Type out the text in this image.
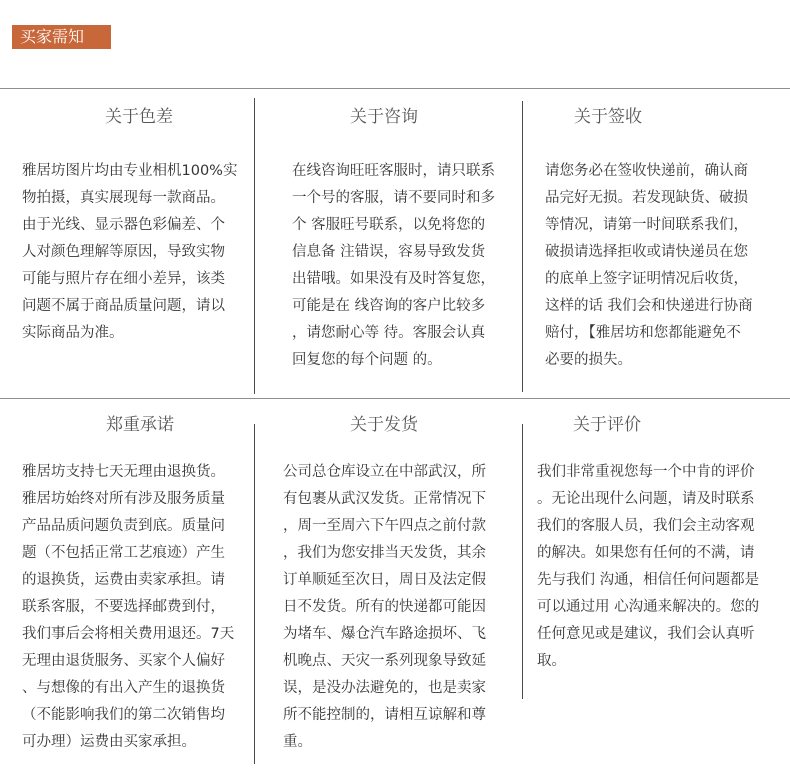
买家需知
关于色差
雅居坊图片均由专业相机100%实
物拍摄，真实展现每一款商品。
由于光线、显示器色彩偏差、个
人对颜色理解等原因，导致实物
可能与照片存在细小差异，该类
问题不属于商品质量问题，请以
实际商品为准。
关于咨询
在线咨询旺旺客服时，请只联系
一个号的客服，请不要同时和多
个 客服旺号联系，以免将您的
信息备 注错误，容易导致发货
出错哦。如果没有及时答复您，
可能是在 线咨询的客户比较多
，请您耐心等 待。客服会认真
回复您的每个问题 的。
关于签收
请您务必在签收快递前，确认商
品完好无损。若发现缺货、破损
等情况，请第一时间联系我们，
破损请选择拒收或请快递员在您
的底单上签字证明情况后收货，
这样的话 我们会和快递进行协商
赔付，【雅居坊和您都能避免不
必要的损失。
郑重承诺
雅居坊支持七天无理由退换货。
雅居坊始终对所有涉及服务质量
产品品质问题负责到底。质量问
题（不包括正常工艺痕迹）产生
的退换货，运费由卖家承担。请
联系客服，不要选择邮费到付，
我们事后会将相关费用退还。7天
无理由退货服务、买家个人偏好
、与想像的有出入产生的退换货
（不能影响我们的第二次销售均
可办理）运费由买家承担。
关于发货
公司总仓库设立在中部武汉，所
有包裹从武汉发货。正常情况下
，周一至周六下午四点之前付款
，我们为您安排当天发货，其余
订单顺延至次日，周日及法定假
日不发货。所有的快递都可能因
为堵车、爆仓汽车路途损坏、飞
机晚点、天灾一系列现象导致延
误，是没办法避免的，也是卖家
所不能控制的，请相互谅解和尊
重。
关于评价
我们非常重视您每一个中肯的评价
。无论出现什么问题，请及时联系
我们的客服人员，我们会主动客观
的解决。如果您有任何的不满，请
先与我们 沟通，相信任何问题都是
可以通过用 心沟通来解决的。您的
任何意见或是建议，我们会认真听
取。
